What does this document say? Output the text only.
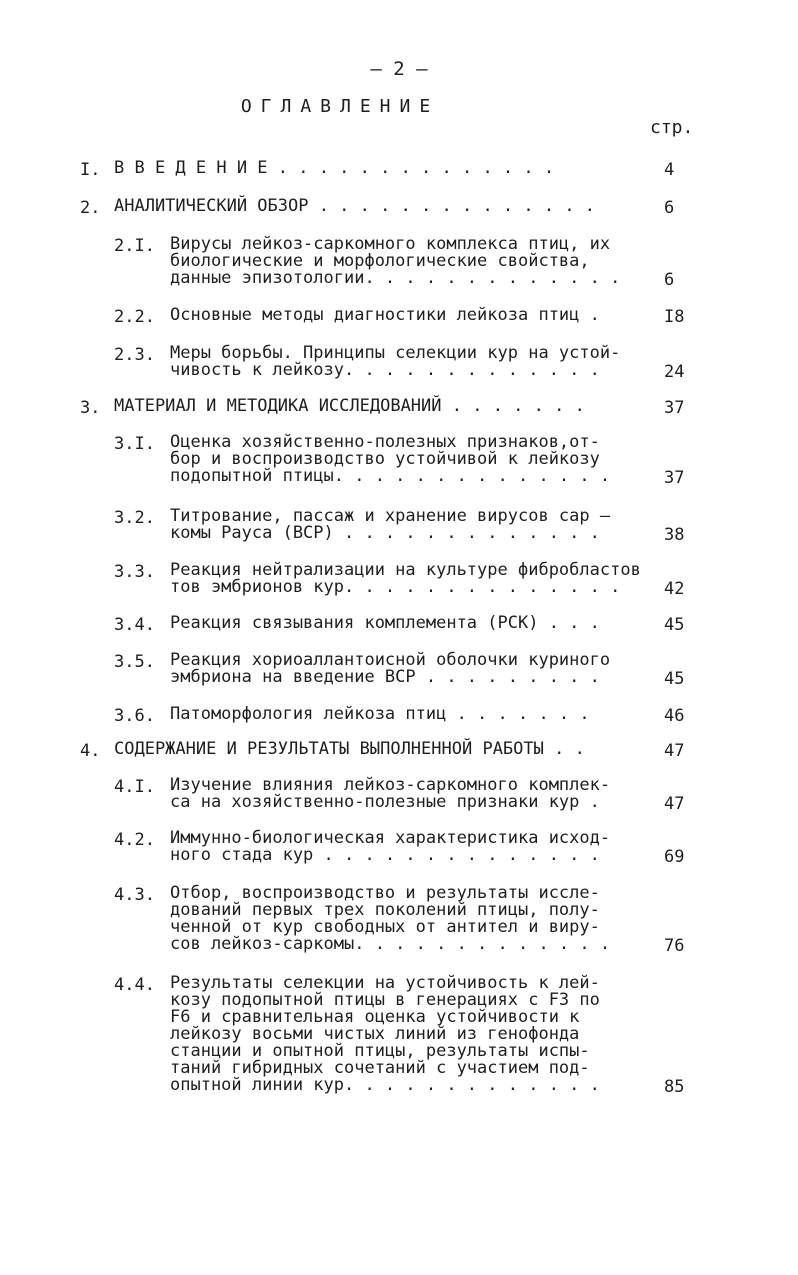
– 2 –
ОГЛАВЛЕНИЕ
стр.
I. В В Е Д Е Н И Е . . . . . . . . . . . . . .	4
2. АНАЛИТИЧЕСКИЙ ОБЗОР . . . . . . . . . . . . . .	6
2.I. Вирусы лейкоз-саркомного комплекса птиц, их
биологические и морфологические свойства,
данные эпизотологии. . . . . . . . . . . . .	6
2.2. Основные методы диагностики лейкоза птиц .	I8
2.3. Меры борьбы. Принципы селекции кур на устой-
чивость к лейкозу. . . . . . . . . . . . .	24
3. МАТЕРИАЛ И МЕТОДИКА ИССЛЕДОВАНИЙ . . . . . . .	37
3.I. Оценка хозяйственно-полезных признаков,от-
бор и воспроизводство устойчивой к лейкозу
подопытной птицы. . . . . . . . . . . . . .	37
3.2. Титрование, пассаж и хранение вирусов сар –
комы Рауса (ВСР) . . . . . . . . . . . . .	38
3.3. Реакция нейтрализации на культуре фибробластов
тов эмбрионов кур. . . . . . . . . . . . . .	42
3.4. Реакция связывания комплемента (РСК) . . .	45
3.5. Реакция хориоаллантоисной оболочки куриного
эмбриона на введение ВСР . . . . . . . . .	45
3.6. Патоморфология лейкоза птиц . . . . . . .	46
4. СОДЕРЖАНИЕ И РЕЗУЛЬТАТЫ ВЫПОЛНЕННОЙ РАБОТЫ . .	47
4.I. Изучение влияния лейкоз-саркомного комплек-
са на хозяйственно-полезные признаки кур .	47
4.2. Иммунно-биологическая характеристика исход-
ного стада кур . . . . . . . . . . . . . .	69
4.3. Отбор, воспроизводство и результаты иссле-
дований первых трех поколений птицы, полу-
ченной от кур свободных от антител и виру-
сов лейкоз-саркомы. . . . . . . . . . . . .	76
4.4. Результаты селекции на устойчивость к лей-
козу подопытной птицы в генерациях с F3 по
F6 и сравнительная оценка устойчивости к
лейкозу восьми чистых линий из генофонда
станции и опытной птицы, результаты испы-
таний гибридных сочетаний с участием под-
опытной линии кур. . . . . . . . . . . . .	85
